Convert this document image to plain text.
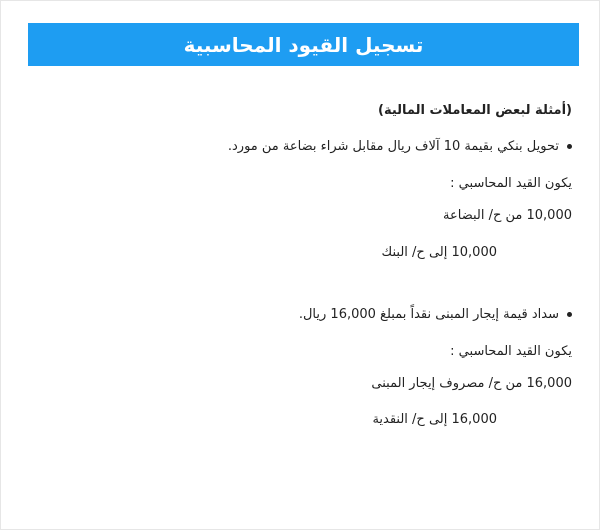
تسجيل القيود المحاسبية
(أمثلة لبعض المعاملات المالية)
تحويل بنكي بقيمة 10 آلاف ريال مقابل شراء بضاعة من مورد.
يكون القيد المحاسبي :
10,000 من ح/ البضاعة
10,000 إلى ح/ البنك
سداد قيمة إيجار المبنى نقداً بمبلغ 16,000 ريال.
يكون القيد المحاسبي :
16,000 من ح/ مصروف إيجار المبنى
16,000 إلى ح/ النقدية
